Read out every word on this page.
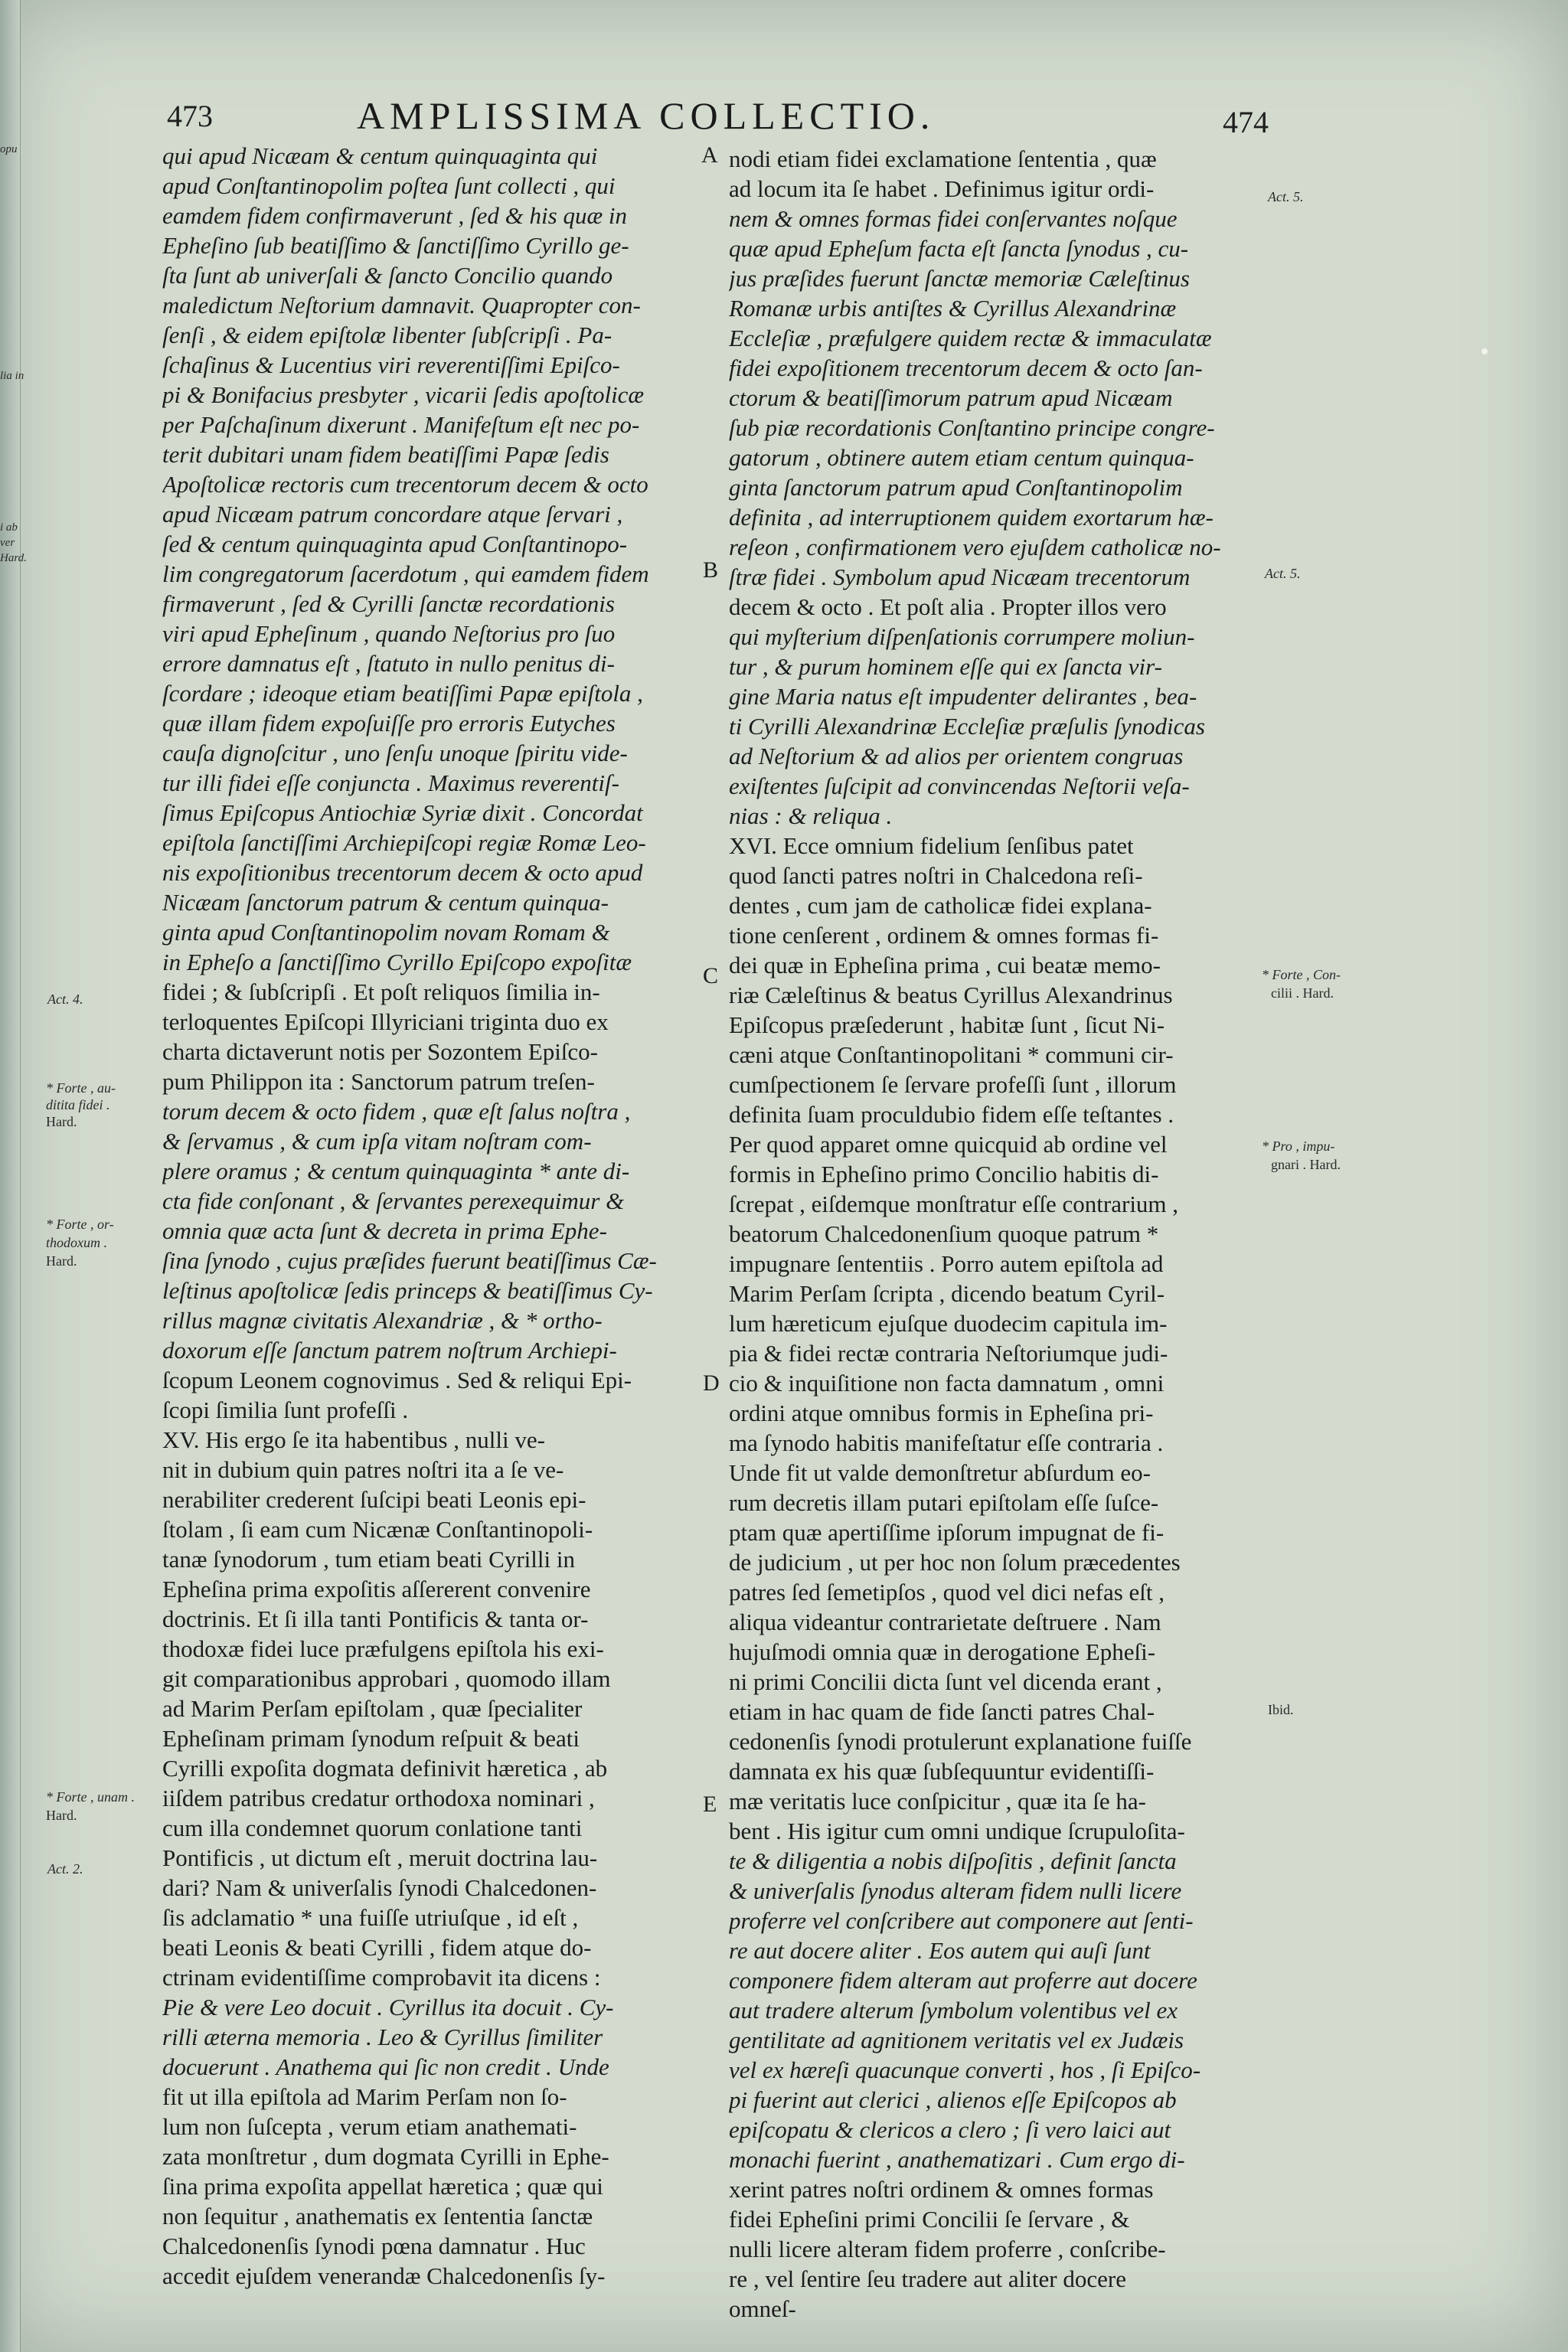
opu
lia in
i ab
ver
Hard.
473	AMPLISSIMA COLLECTIO.	474
qui apud Nicæam & centum quinquaginta qui
apud Conſtantinopolim poſtea ſunt collecti , qui
eamdem fidem confirmaverunt , ſed & his quæ in
Epheſino ſub beatiſſimo & ſanctiſſimo Cyrillo ge-
ſta ſunt ab univerſali & ſancto Concilio quando
maledictum Neſtorium damnavit. Quapropter con-
ſenſi , & eidem epiſtolæ libenter ſubſcripſi . Pa-
ſchaſinus & Lucentius viri reverentiſſimi Epiſco-
pi & Bonifacius presbyter , vicarii ſedis apoſtolicæ
per Paſchaſinum dixerunt . Manifeſtum eſt nec po-
terit dubitari unam fidem beatiſſimi Papæ ſedis
Apoſtolicæ rectoris cum trecentorum decem & octo
apud Nicæam patrum concordare atque ſervari ,
ſed & centum quinquaginta apud Conſtantinopo-
lim congregatorum ſacerdotum , qui eamdem fidem
firmaverunt , ſed & Cyrilli ſanctæ recordationis
viri apud Epheſinum , quando Neſtorius pro ſuo
errore damnatus eſt , ſtatuto in nullo penitus di-
ſcordare ; ideoque etiam beatiſſimi Papæ epiſtola ,
quæ illam fidem expoſuiſſe pro erroris Eutyches
cauſa dignoſcitur , uno ſenſu unoque ſpiritu vide-
tur illi fidei eſſe conjuncta . Maximus reverentiſ-
ſimus Epiſcopus Antiochiæ Syriæ dixit . Concordat
epiſtola ſanctiſſimi Archiepiſcopi regiæ Romæ Leo-
nis expoſitionibus trecentorum decem & octo apud
Nicæam ſanctorum patrum & centum quinqua-
ginta apud Conſtantinopolim novam Romam &
in Epheſo a ſanctiſſimo Cyrillo Epiſcopo expoſitæ
fidei ; & ſubſcripſi . Et poſt reliquos ſimilia in-
terloquentes Epiſcopi Illyriciani triginta duo ex
charta dictaverunt notis per Sozontem Epiſco-
pum Philippon ita : Sanctorum patrum treſen-
torum decem & octo fidem , quæ eſt ſalus noſtra ,
& ſervamus , & cum ipſa vitam noſtram com-
plere oramus ; & centum quinquaginta * ante di-
cta fide conſonant , & ſervantes perexequimur &
omnia quæ acta ſunt & decreta in prima Ephe-
ſina ſynodo , cujus præſides fuerunt beatiſſimus Cæ-
leſtinus apoſtolicæ ſedis princeps & beatiſſimus Cy-
rillus magnæ civitatis Alexandriæ , & * ortho-
doxorum eſſe ſanctum patrem noſtrum Archiepi-
ſcopum Leonem cognovimus . Sed & reliqui Epi-
ſcopi ſimilia ſunt profeſſi .
XV. His ergo ſe ita habentibus , nulli ve-
nit in dubium quin patres noſtri ita a ſe ve-
nerabiliter crederent ſuſcipi beati Leonis epi-
ſtolam , ſi eam cum Nicænæ Conſtantinopoli-
tanæ ſynodorum , tum etiam beati Cyrilli in
Epheſina prima expoſitis aſſererent convenire
doctrinis. Et ſi illa tanti Pontificis & tanta or-
thodoxæ fidei luce præfulgens epiſtola his exi-
git comparationibus approbari , quomodo illam
ad Marim Perſam epiſtolam , quæ ſpecialiter
Epheſinam primam ſynodum reſpuit & beati
Cyrilli expoſita dogmata definivit hæretica , ab
iiſdem patribus credatur orthodoxa nominari ,
cum illa condemnet quorum conlatione tanti
Pontificis , ut dictum eſt , meruit doctrina lau-
dari? Nam & univerſalis ſynodi Chalcedonen-
ſis adclamatio * una fuiſſe utriuſque , id eſt ,
beati Leonis & beati Cyrilli , fidem atque do-
ctrinam evidentiſſime comprobavit ita dicens :
Pie & vere Leo docuit . Cyrillus ita docuit . Cy-
rilli æterna memoria . Leo & Cyrillus ſimiliter
docuerunt . Anathema qui ſic non credit . Unde
fit ut illa epiſtola ad Marim Perſam non ſo-
lum non ſuſcepta , verum etiam anathemati-
zata monſtretur , dum dogmata Cyrilli in Ephe-
ſina prima expoſita appellat hæretica ; quæ qui
non ſequitur , anathematis ex ſententia ſanctæ
Chalcedonenſis ſynodi pœna damnatur . Huc
accedit ejuſdem venerandæ Chalcedonenſis ſy-
nodi etiam fidei exclamatione ſententia , quæ
ad locum ita ſe habet . Definimus igitur ordi-
nem & omnes formas fidei conſervantes noſque
quæ apud Epheſum facta eſt ſancta ſynodus , cu-
jus præſides fuerunt ſanctæ memoriæ Cæleſtinus
Romanæ urbis antiſtes & Cyrillus Alexandrinæ
Eccleſiæ , præfulgere quidem rectæ & immaculatæ
fidei expoſitionem trecentorum decem & octo ſan-
ctorum & beatiſſimorum patrum apud Nicæam
ſub piæ recordationis Conſtantino principe congre-
gatorum , obtinere autem etiam centum quinqua-
ginta ſanctorum patrum apud Conſtantinopolim
definita , ad interruptionem quidem exortarum hæ-
reſeon , confirmationem vero ejuſdem catholicæ no-
ſtræ fidei . Symbolum apud Nicæam trecentorum
decem & octo . Et poſt alia . Propter illos vero
qui myſterium diſpenſationis corrumpere moliun-
tur , & purum hominem eſſe qui ex ſancta vir-
gine Maria natus eſt impudenter delirantes , bea-
ti Cyrilli Alexandrinæ Eccleſiæ præſulis ſynodicas
ad Neſtorium & ad alios per orientem congruas
exiſtentes ſuſcipit ad convincendas Neſtorii veſa-
nias : & reliqua .
XVI. Ecce omnium fidelium ſenſibus patet
quod ſancti patres noſtri in Chalcedona reſi-
dentes , cum jam de catholicæ fidei explana-
tione cenſerent , ordinem & omnes formas fi-
dei quæ in Epheſina prima , cui beatæ memo-
riæ Cæleſtinus & beatus Cyrillus Alexandrinus
Epiſcopus præſederunt , habitæ ſunt , ſicut Ni-
cæni atque Conſtantinopolitani * communi cir-
cumſpectionem ſe ſervare profeſſi ſunt , illorum
definita ſuam proculdubio fidem eſſe teſtantes .
Per quod apparet omne quicquid ab ordine vel
formis in Epheſino primo Concilio habitis di-
ſcrepat , eiſdemque monſtratur eſſe contrarium ,
beatorum Chalcedonenſium quoque patrum *
impugnare ſententiis . Porro autem epiſtola ad
Marim Perſam ſcripta , dicendo beatum Cyril-
lum hæreticum ejuſque duodecim capitula im-
pia & fidei rectæ contraria Neſtoriumque judi-
cio & inquiſitione non facta damnatum , omni
ordini atque omnibus formis in Epheſina pri-
ma ſynodo habitis manifeſtatur eſſe contraria .
Unde fit ut valde demonſtretur abſurdum eo-
rum decretis illam putari epiſtolam eſſe ſuſce-
ptam quæ apertiſſime ipſorum impugnat de fi-
de judicium , ut per hoc non ſolum præcedentes
patres ſed ſemetipſos , quod vel dici nefas eſt ,
aliqua videantur contrarietate deſtruere . Nam
hujuſmodi omnia quæ in derogatione Epheſi-
ni primi Concilii dicta ſunt vel dicenda erant ,
etiam in hac quam de fide ſancti patres Chal-
cedonenſis ſynodi protulerunt explanatione fuiſſe
damnata ex his quæ ſubſequuntur evidentiſſi-
mæ veritatis luce conſpicitur , quæ ita ſe ha-
bent . His igitur cum omni undique ſcrupuloſita-
te & diligentia a nobis diſpoſitis , definit ſancta
& univerſalis ſynodus alteram fidem nulli licere
proferre vel conſcribere aut componere aut ſenti-
re aut docere aliter . Eos autem qui auſi ſunt
componere fidem alteram aut proferre aut docere
aut tradere alterum ſymbolum volentibus vel ex
gentilitate ad agnitionem veritatis vel ex Judæis
vel ex hæreſi quacunque converti , hos , ſi Epiſco-
pi fuerint aut clerici , alienos eſſe Epiſcopos ab
epiſcopatu & clericos a clero ; ſi vero laici aut
monachi fuerint , anathematizari . Cum ergo di-
xerint patres noſtri ordinem & omnes formas
fidei Epheſini primi Concilii ſe ſervare , &
nulli licere alteram fidem proferre , conſcribe-
re , vel ſentire ſeu tradere aut aliter docere
omneſ-
A
B
C
D
E
Act. 4.
* Forte , au-
ditita fidei .
Hard.
* Forte , or-
thodoxum .
Hard.
* Forte , unam .
Hard.
Act. 2.
Act. 5.
Act. 5.
* Forte , Con-
cilii . Hard.
* Pro , impu-
gnari . Hard.
Ibid.
